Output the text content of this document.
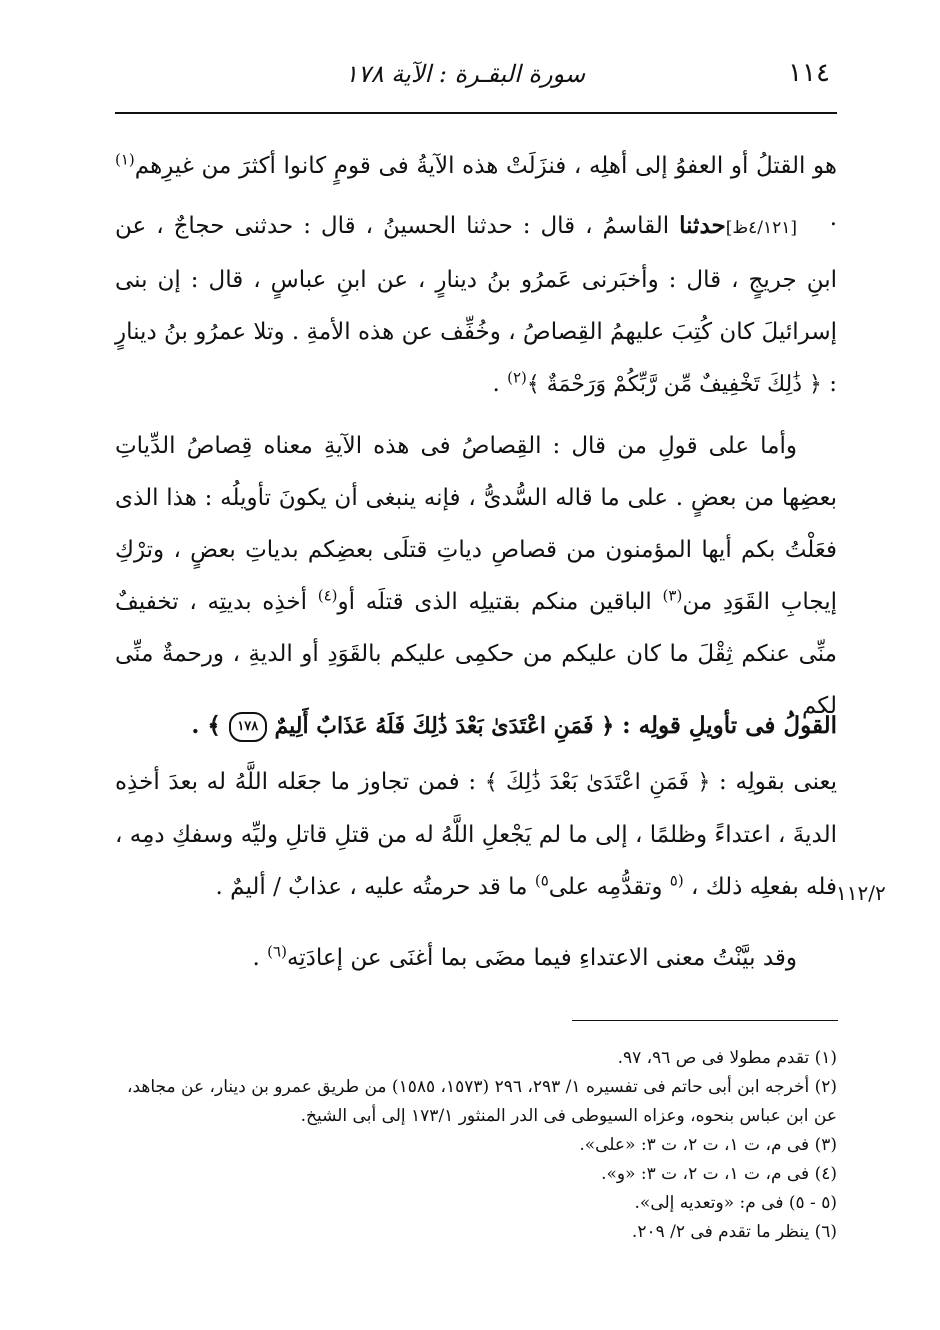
١١٤
سورة البقـرة : الآية ١٧٨

هو القتلُ أو العفوُ إلى أهلِه ، فنزَلَتْ هذه الآيةُ فى قومٍ كانوا أكثرَ من غيرِهم$^{(١)}$ .

[٤/١٢١ظ]حدثنا القاسمُ ، قال : حدثنا الحسينُ ، قال : حدثنى حجاجٌ ، عن ابنِ جريجٍ ، قال : وأخبَرنى عَمرُو بنُ دينارٍ ، عن ابنِ عباسٍ ، قال : إن بنى إسرائيلَ كان كُتِبَ عليهمُ القِصاصُ ، وخُفِّف عن هذه الأمةِ . وتلا عمرُو بنُ دينارٍ : ﴿ ذَٰلِكَ تَخْفِيفٌ مِّن رَّبِّكُمْ وَرَحْمَةٌ ﴾$^{(٢)}$ .

وأما على قولِ من قال : القِصاصُ فى هذه الآيةِ معناه قِصاصُ الدِّياتِ بعضِها من بعضٍ . على ما قاله السُّدىُّ ، فإنه ينبغى أن يكونَ تأويلُه : هذا الذى فعَلْتُ بكم أيها المؤمنون من قصاصِ دياتِ قتلَى بعضِكم بدياتِ بعضٍ ، وترْكِ إيجابِ القَوَدِ من$^{(٣)}$ الباقين منكم بقتيلِه الذى قتلَه أو$^{(٤)}$ أخذِه بديتِه ، تخفيفٌ منِّى عنكم ثِقْلَ ما كان عليكم من حكمِى عليكم بالقَوَدِ أو الديةِ ، ورحمةٌ منِّى لكم .

القولُ فى تأويلِ قولِه : ﴿ فَمَنِ اعْتَدَىٰ بَعْدَ ذَٰلِكَ فَلَهُ عَذَابٌ أَلِيمٌ ١٧٨ ﴾ .

يعنى بقولِه : ﴿ فَمَنِ اعْتَدَىٰ بَعْدَ ذَٰلِكَ ﴾ : فمن تجاوز ما جعَله اللَّهُ له بعدَ أخذِه الديةَ ، اعتداءً وظلمًا ، إلى ما لم يَجْعلِ اللَّهُ له من قتلِ قاتلِ وليِّه وسفكِ دمِه ، فله بفعلِه ذلك ، $^{(٥}$ وتقدُّمِه على$^{٥)}$ ما قد حرمتُه عليه ، عذابٌ / أليمٌ .

وقد بيَّنْتُ معنى الاعتداءِ فيما مضَى بما أغنَى عن إعادَتِه$^{(٦)}$ .

١١٢/٢

(١) تقدم مطولا فى ص ٩٦، ٩٧.

(٢) أخرجه ابن أبى حاتم فى تفسيره ١/ ٢٩٣، ٢٩٦ (١٥٧٣، ١٥٨٥) من طريق عمرو بن دينار، عن مجاهد، عن ابن عباس بنحوه، وعزاه السيوطى فى الدر المنثور ١٧٣/١ إلى أبى الشيخ.

(٣) فى م، ت ١، ت ٢، ت ٣: «على».

(٤) فى م، ت ١، ت ٢، ت ٣: «و».

(٥ - ٥) فى م: «وتعديه إلى».

(٦) ينظر ما تقدم فى ٢/ ٢٠٩.
